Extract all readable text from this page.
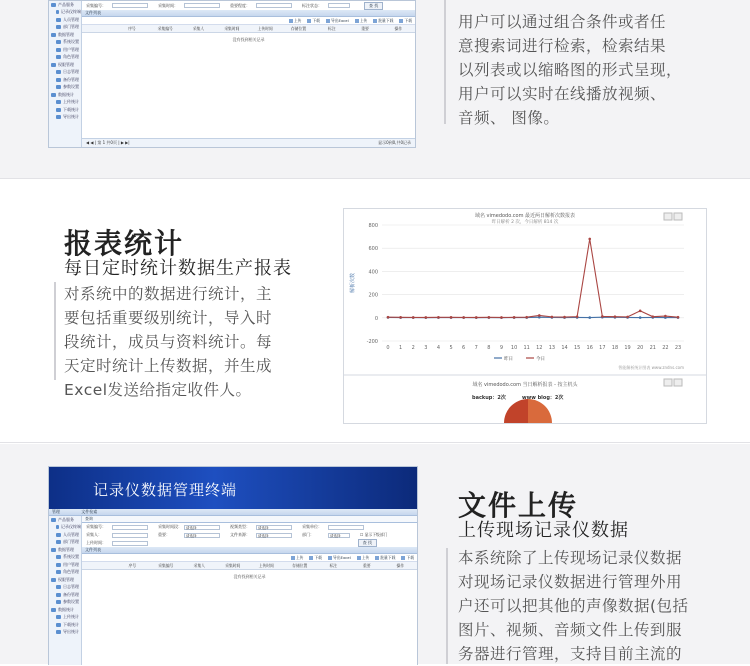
产品服务
记录仪终端
人员管理
部门管理
数据管理
系统设置
用户管理
角色管理
权限管理
日志管理
备份管理
参数设置
数据统计
上传统计
下载统计
导出统计
采集编号：	采集时间：	重要程度：	标注状态：	查 找
文件列表
上传	下载	导出Excel	上传	批量下载	下载
序号	采集编号	采集人	采集时间	上传时间	存储位置	标注	重要	操作
没有找到相关记录
◀ ◀ | 第 1 共0页 | ▶ ▶|	显示0到0,共0记录
用户可以通过组合条件或者任
意搜索词进行检索，检索结果
以列表或以缩略图的形式呈现，
用户可以实时在线播放视频、
音频、 图像。
报表统计
每日定时统计数据生产报表
对系统中的数据进行统计，主
要包括重要级别统计，导入时
段统计，成员与资料统计。每
天定时统计上传数据，并生成
Excel发送给指定收件人。
域名 vimedodo.com 最近两日解析次数报表
昨日解析 2 次，今日解析 814 次
-200
0
200
400
600
800
解析次数
0 1 2 3 4 5 6 7 8 9 10 11 12 13 14 15 16 17 18 19 20 21 22 23
昨日	今日
智能解析统计图表 www.zndns.com
域名 vimedodo.com 当日解析报表 - 按主机头
backup：2次	www blog：2次
记录仪数据管理终端
管理	文件检索
产品服务
记录仪终端
人员管理
部门管理
数据管理
系统设置
用户管理
角色管理
权限管理
日志管理
备份管理
参数设置
数据统计
上传统计
下载统计
导出统计
查询
采集编号：	采集时间段：	请选择	视频类型：	请选择	采集单位：
采集人：	重要：	请选择	文件来源：	请选择	部门：	请选择	☐ 显示下级部门
上传时间：	查 找
文件列表
上传	下载	导出Excel	上传	批量下载	下载
序号	采集编号	采集人	采集时间	上传时间	存储位置	标注	重要	操作
没有找到相关记录
文件上传
上传现场记录仪数据
本系统除了上传现场记录仪数据
对现场记录仪数据进行管理外用
户还可以把其他的声像数据(包括
图片、视频、音频文件上传到服
务器进行管理，支持目前主流的
